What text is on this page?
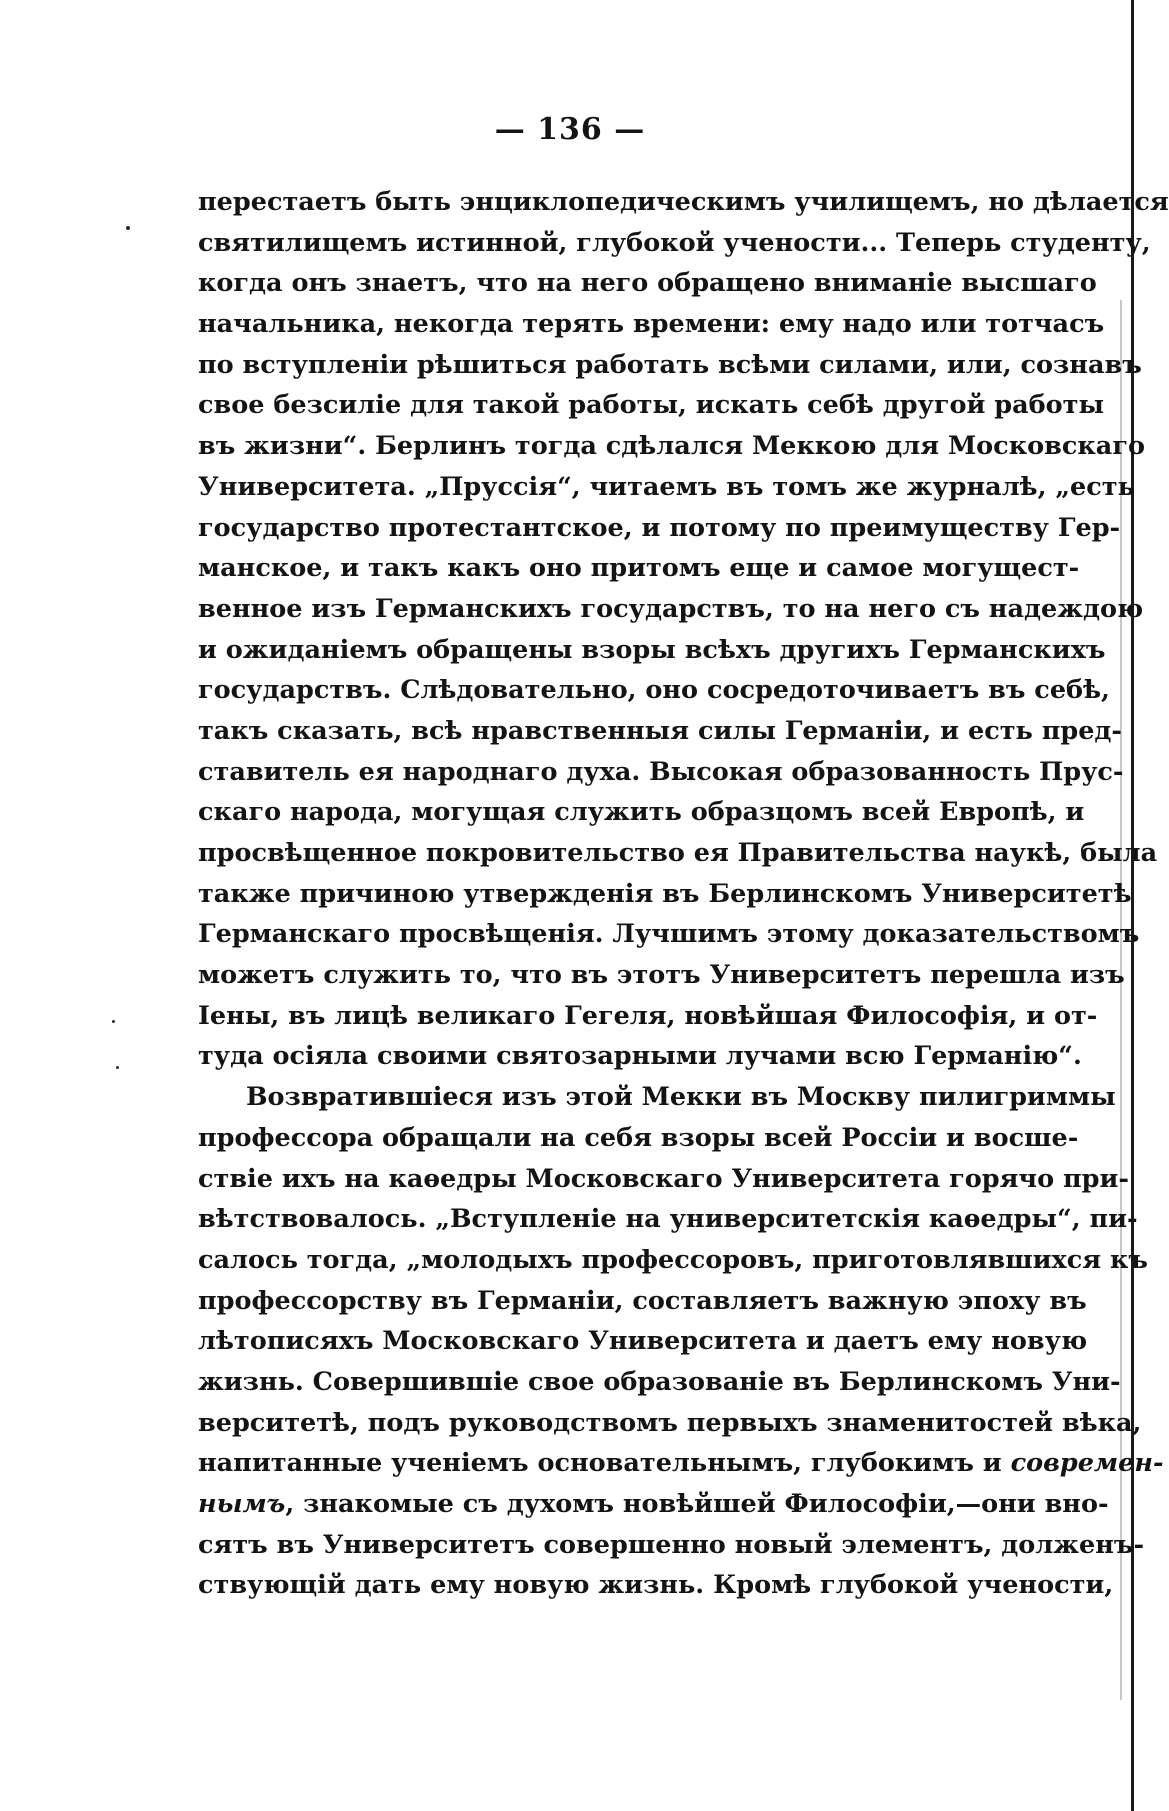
— 136 —
перестаетъ быть энциклопедическимъ училищемъ, но дѣлается
святилищемъ истинной, глубокой учености... Теперь студенту,
когда онъ знаетъ, что на него обращено вниманіе высшаго
начальника, некогда терять времени: ему надо или тотчасъ
по вступленіи рѣшиться работать всѣми силами, или, сознавъ
свое безсиліе для такой работы, искать себѣ другой работы
въ жизни“. Берлинъ тогда сдѣлался Меккою для Московскаго
Университета. „Пруссія“, читаемъ въ томъ же журналѣ, „есть
государство протестантское, и потому по преимуществу Гер-
манское, и такъ какъ оно притомъ еще и самое могущест-
венное изъ Германскихъ государствъ, то на него съ надеждою
и ожиданіемъ обращены взоры всѣхъ другихъ Германскихъ
государствъ. Слѣдовательно, оно сосредоточиваетъ въ себѣ,
такъ сказать, всѣ нравственныя силы Германіи, и есть пред-
ставитель ея народнаго духа. Высокая образованность Прус-
скаго народа, могущая служить образцомъ всей Европѣ, и
просвѣщенное покровительство ея Правительства наукѣ, была
также причиною утвержденія въ Берлинскомъ Университетѣ
Германскаго просвѣщенія. Лучшимъ этому доказательствомъ
можетъ служить то, что въ этотъ Университетъ перешла изъ
Іены, въ лицѣ великаго Гегеля, новѣйшая Философія, и от-
туда осіяла своими святозарными лучами всю Германію“.
Возвратившіеся изъ этой Мекки въ Москву пилигриммы
профессора обращали на себя взоры всей Россіи и восше-
ствіе ихъ на каѳедры Московскаго Университета горячо при-
вѣтствовалось. „Вступленіе на университетскія каѳедры“, пи-
салось тогда, „молодыхъ профессоровъ, приготовлявшихся къ
профессорству въ Германіи, составляетъ важную эпоху въ
лѣтописяхъ Московскаго Университета и даетъ ему новую
жизнь. Совершившіе свое образованіе въ Берлинскомъ Уни-
верситетѣ, подъ руководствомъ первыхъ знаменитостей вѣка,
напитанные ученіемъ основательнымъ, глубокимъ и современ-
нымъ, знакомые съ духомъ новѣйшей Философіи,—они вно-
сятъ въ Университетъ совершенно новый элементъ, долженъ-
ствующій дать ему новую жизнь. Кромѣ глубокой учености,
